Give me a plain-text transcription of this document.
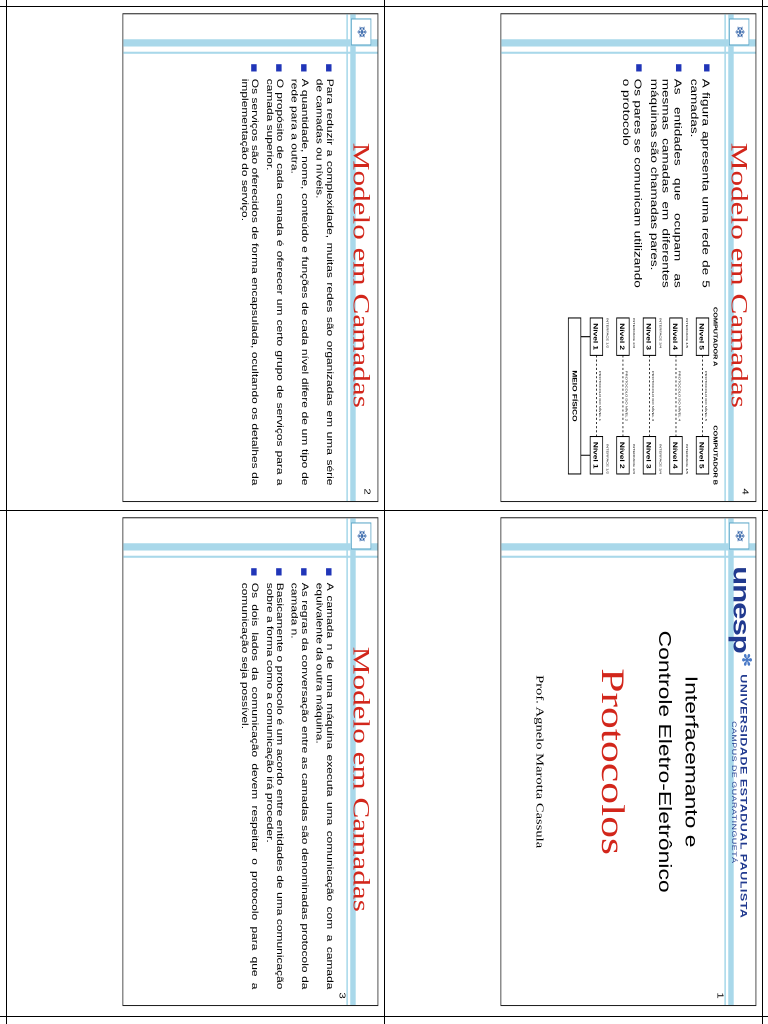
❄
Modelo em Camadas
2
Para reduzir a complexidade, muitas redes são organizadas em uma série de camadas ou níveis.
A quantidade, nome, conteúdo e funções de cada nível difere de um tipo de rede para a outra.
O propósito de cada camada é oferecer um certo grupo de serviços para a camada superior.
Os serviços são oferecidos de forma encapsulada, ocultando os detalhes da implementação do serviço.
❄
Modelo em Camadas
4
A figura apresenta uma rede de 5 camadas.
As entidades que ocupam as mesmas camadas em diferentes máquinas são chamadas pares.
Os pares se comunicam utilizando o protocolo
COMPUTADOR A
COMPUTADOR B
Nível 5
Nível 5
PROTOCOLO DO NÍVEL 5
INTERFACE 4/5
INTERFACE 4/5
Nível 4
Nível 4
PROTOCOLO DO NÍVEL 4
INTERFACE 3/4
INTERFACE 3/4
Nível 3
Nível 3
PROTOCOLO DO NÍVEL 3
INTERFACE 2/3
INTERFACE 2/3
Nível 2
Nível 2
PROTOCOLO DO NÍVEL 2
INTERFACE 1/2
INTERFACE 1/2
Nível 1
Nível 1
PROTOCOLO DO NÍVEL 1
MEIO FÍSICO
❄
unesp✻
UNIVERSIDADE ESTADUAL PAULISTA
CAMPUS DE GUARATINGUETÁ
1
Interfacemanto e
Controle Eletro-Eletrônico
Protocolos
Prof. Agnelo Marotta Cassula
❄
Modelo em Camadas
3
A camada n de uma máquina executa uma comunicação com a camada equivalente da outra máquina.
As regras da conversação entre as camadas são denominadas protocolo da camada n.
Basicamente o protocolo é um acordo entre entidades de uma comunicação sobre a forma como a comunicação irá proceder.
Os dois lados da comunicação devem respeitar o protocolo para que a comunicação seja possível.
